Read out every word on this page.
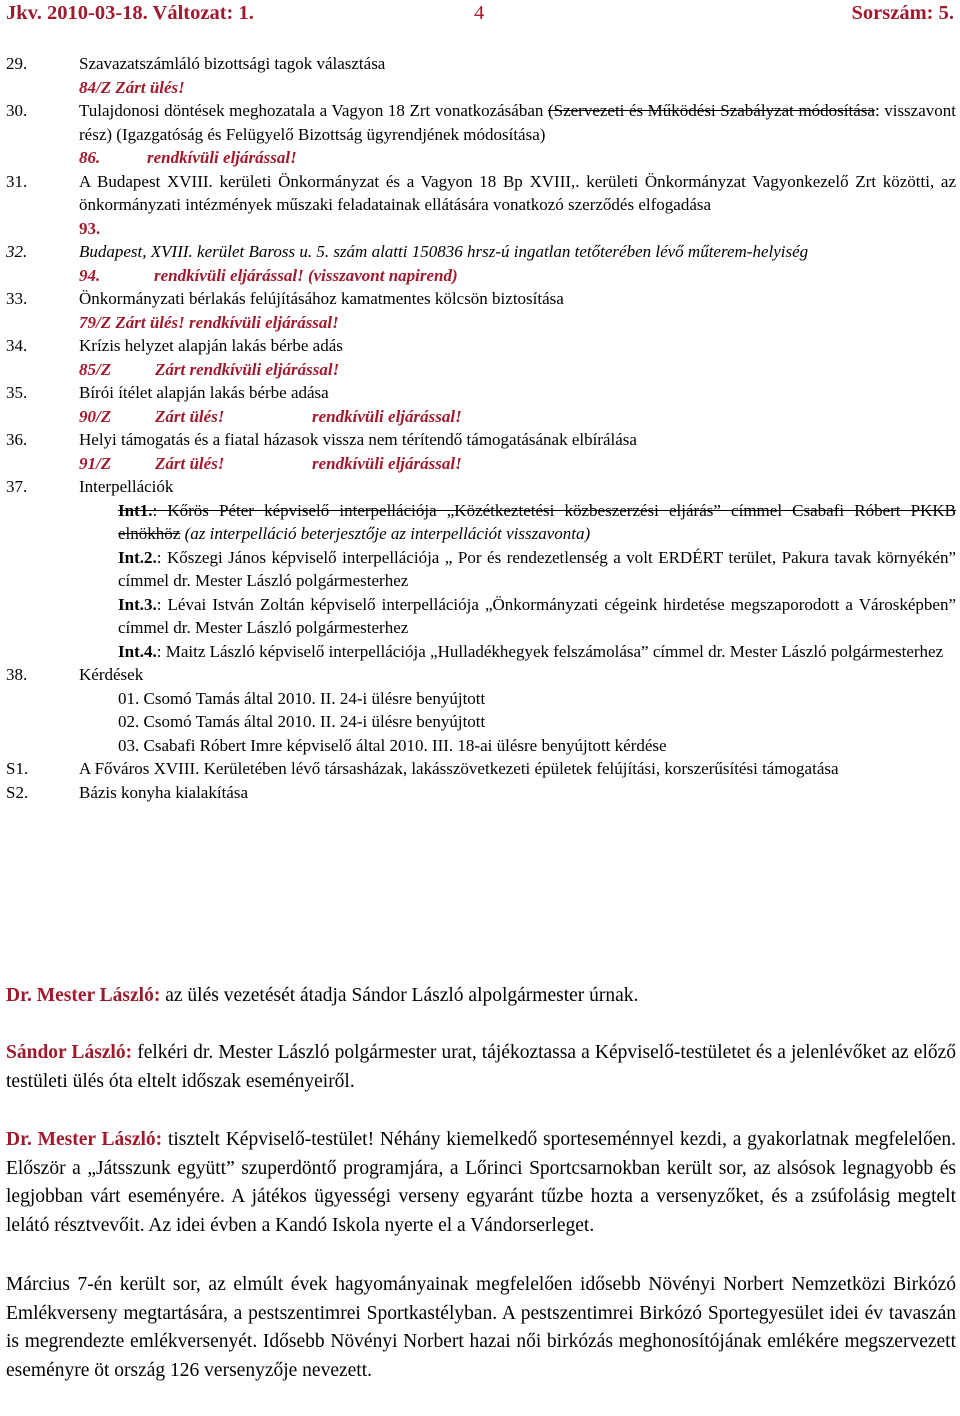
Jkv. 2010-03-18. Változat: 1.	4	Sorszám: 5.
29.	Szavazatszámláló bizottsági tagok választása
84/Z Zárt ülés!
30.	Tulajdonosi döntések meghozatala a Vagyon 18 Zrt vonatkozásában (Szervezeti és Működési Szabályzat módosítása: visszavont rész) (Igazgatóság és Felügyelő Bizottság ügyrendjének módosítása)
86.	rendkívüli eljárással!
31.	A Budapest XVIII. kerületi Önkormányzat és a Vagyon 18 Bp XVIII,. kerületi Önkormányzat Vagyonkezelő Zrt közötti, az önkormányzati intézmények műszaki feladatainak ellátására vonatkozó szerződés elfogadása
93.
32.	Budapest, XVIII. kerület Baross u. 5. szám alatti 150836 hrsz-ú ingatlan tetőterében lévő műterem-helyiség
94.	rendkívüli eljárással! (visszavont napirend)
33.	Önkormányzati bérlakás felújításához kamatmentes kölcsön biztosítása
79/Z Zárt ülés! rendkívüli eljárással!
34.	Krízis helyzet alapján lakás bérbe adás
85/Z	Zárt rendkívüli eljárással!
35.	Bírói ítélet alapján lakás bérbe adása
90/Z	Zárt ülés!	rendkívüli eljárással!
36.	Helyi támogatás és a fiatal házasok vissza nem térítendő támogatásának elbírálása
91/Z	Zárt ülés!	rendkívüli eljárással!
37.	Interpellációk
Int1.: Kőrös Péter képviselő interpellációja „Közétkeztetési közbeszerzési eljárás” címmel Csabafi Róbert PKKB elnökhöz (az interpelláció beterjesztője az interpellációt visszavonta)
Int.2.: Kőszegi János képviselő interpellációja „ Por és rendezetlenség a volt ERDÉRT terület, Pakura tavak környékén” címmel dr. Mester László polgármesterhez
Int.3.: Lévai István Zoltán képviselő interpellációja „Önkormányzati cégeink hirdetése megszaporodott a Városképben” címmel dr. Mester László polgármesterhez
Int.4.: Maitz László képviselő interpellációja „Hulladékhegyek felszámolása” címmel dr. Mester László polgármesterhez
38.	Kérdések
01. Csomó Tamás által 2010. II. 24-i ülésre benyújtott
02. Csomó Tamás által 2010. II. 24-i ülésre benyújtott
03. Csabafi Róbert Imre képviselő által 2010. III. 18-ai ülésre benyújtott kérdése
S1.	A Főváros XVIII. Kerületében lévő társasházak, lakásszövetkezeti épületek felújítási, korszerűsítési támogatása
S2.	Bázis konyha kialakítása
Dr. Mester László: az ülés vezetését átadja Sándor László alpolgármester úrnak.
Sándor László: felkéri dr. Mester László polgármester urat, tájékoztassa a Képviselő-testületet és a jelenlévőket az előző testületi ülés óta eltelt időszak eseményeiről.
Dr. Mester László: tisztelt Képviselő-testület! Néhány kiemelkedő sporteseménnyel kezdi, a gyakorlatnak megfelelően. Először a „Játsszunk együtt” szuperdöntő programjára, a Lőrinci Sportcsarnokban került sor, az alsósok legnagyobb és legjobban várt eseményére. A játékos ügyességi verseny egyaránt tűzbe hozta a versenyzőket, és a zsúfolásig megtelt lelátó résztvevőit. Az idei évben a Kandó Iskola nyerte el a Vándorserleget.
Március 7-én került sor, az elmúlt évek hagyományainak megfelelően idősebb Növényi Norbert Nemzetközi Birkózó Emlékverseny megtartására, a pestszentimrei Sportkastélyban. A pestszentimrei Birkózó Sportegyesület idei év tavaszán is megrendezte emlékversenyét. Idősebb Növényi Norbert hazai női birkózás meghonosítójának emlékére megszervezett eseményre öt ország 126 versenyzője nevezett.
